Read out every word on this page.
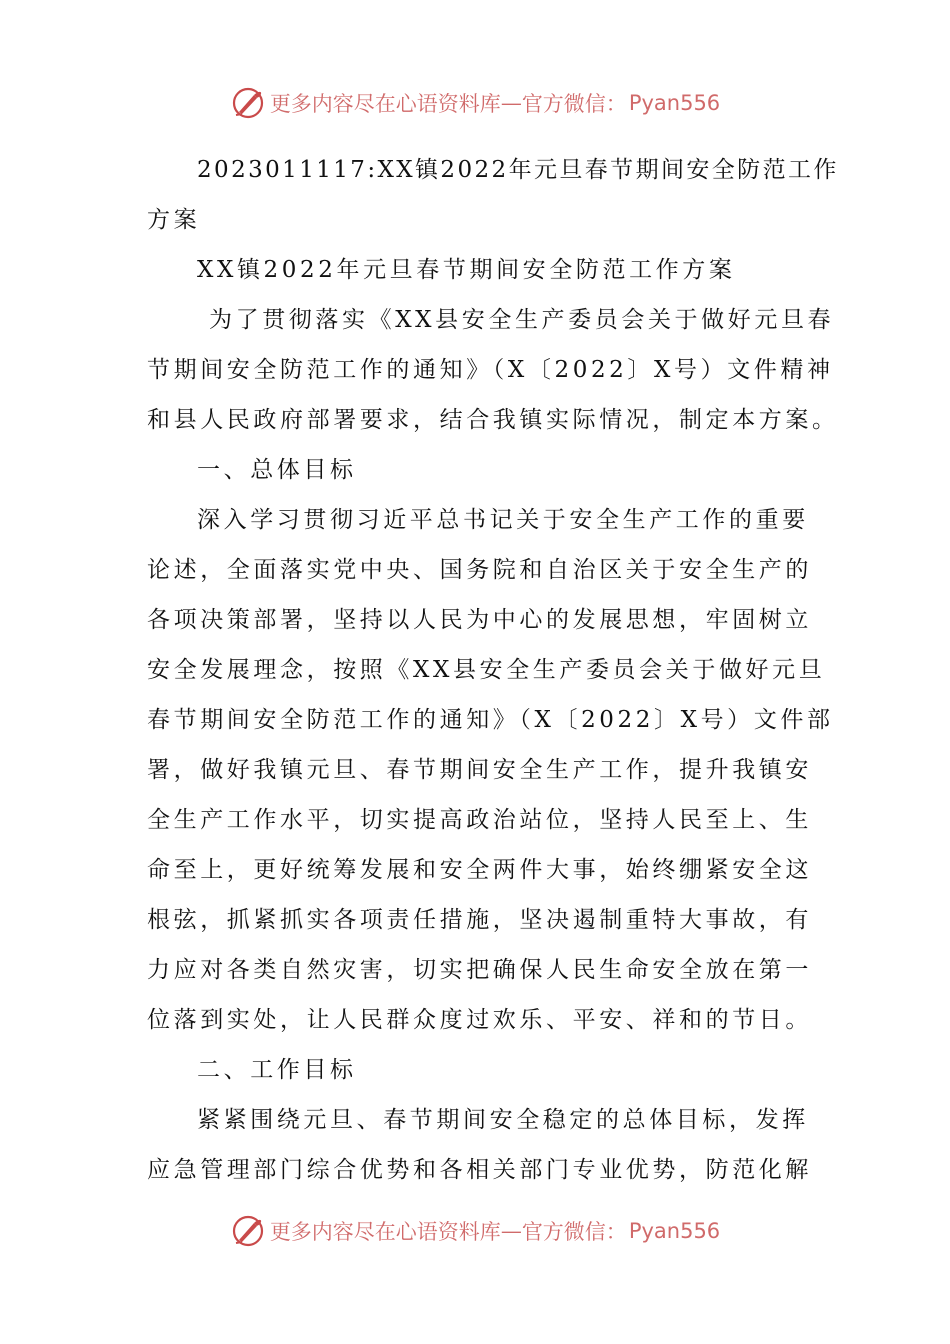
更多内容尽在心语资料库 — 官方微信： Pyan556
2023011117:XX镇2022年元旦春节期间安全防范工作
方案
XX镇2022年元旦春节期间安全防范工作方案
为了贯彻落实《XX县安全生产委员会关于做好元旦春
节期间安全防范工作的通知》（X〔2022〕X号）文件精神
和县人民政府部署要求，结合我镇实际情况，制定本方案。
一、总体目标
深入学习贯彻习近平总书记关于安全生产工作的重要
论述，全面落实党中央、国务院和自治区关于安全生产的
各项决策部署，坚持以人民为中心的发展思想，牢固树立
安全发展理念，按照《XX县安全生产委员会关于做好元旦
春节期间安全防范工作的通知》（X〔2022〕X号）文件部
署，做好我镇元旦、春节期间安全生产工作，提升我镇安
全生产工作水平，切实提高政治站位，坚持人民至上、生
命至上，更好统筹发展和安全两件大事，始终绷紧安全这
根弦，抓紧抓实各项责任措施，坚决遏制重特大事故，有
力应对各类自然灾害，切实把确保人民生命安全放在第一
位落到实处，让人民群众度过欢乐、平安、祥和的节日。
二、工作目标
紧紧围绕元旦、春节期间安全稳定的总体目标，发挥
应急管理部门综合优势和各相关部门专业优势，防范化解
更多内容尽在心语资料库 — 官方微信： Pyan556
